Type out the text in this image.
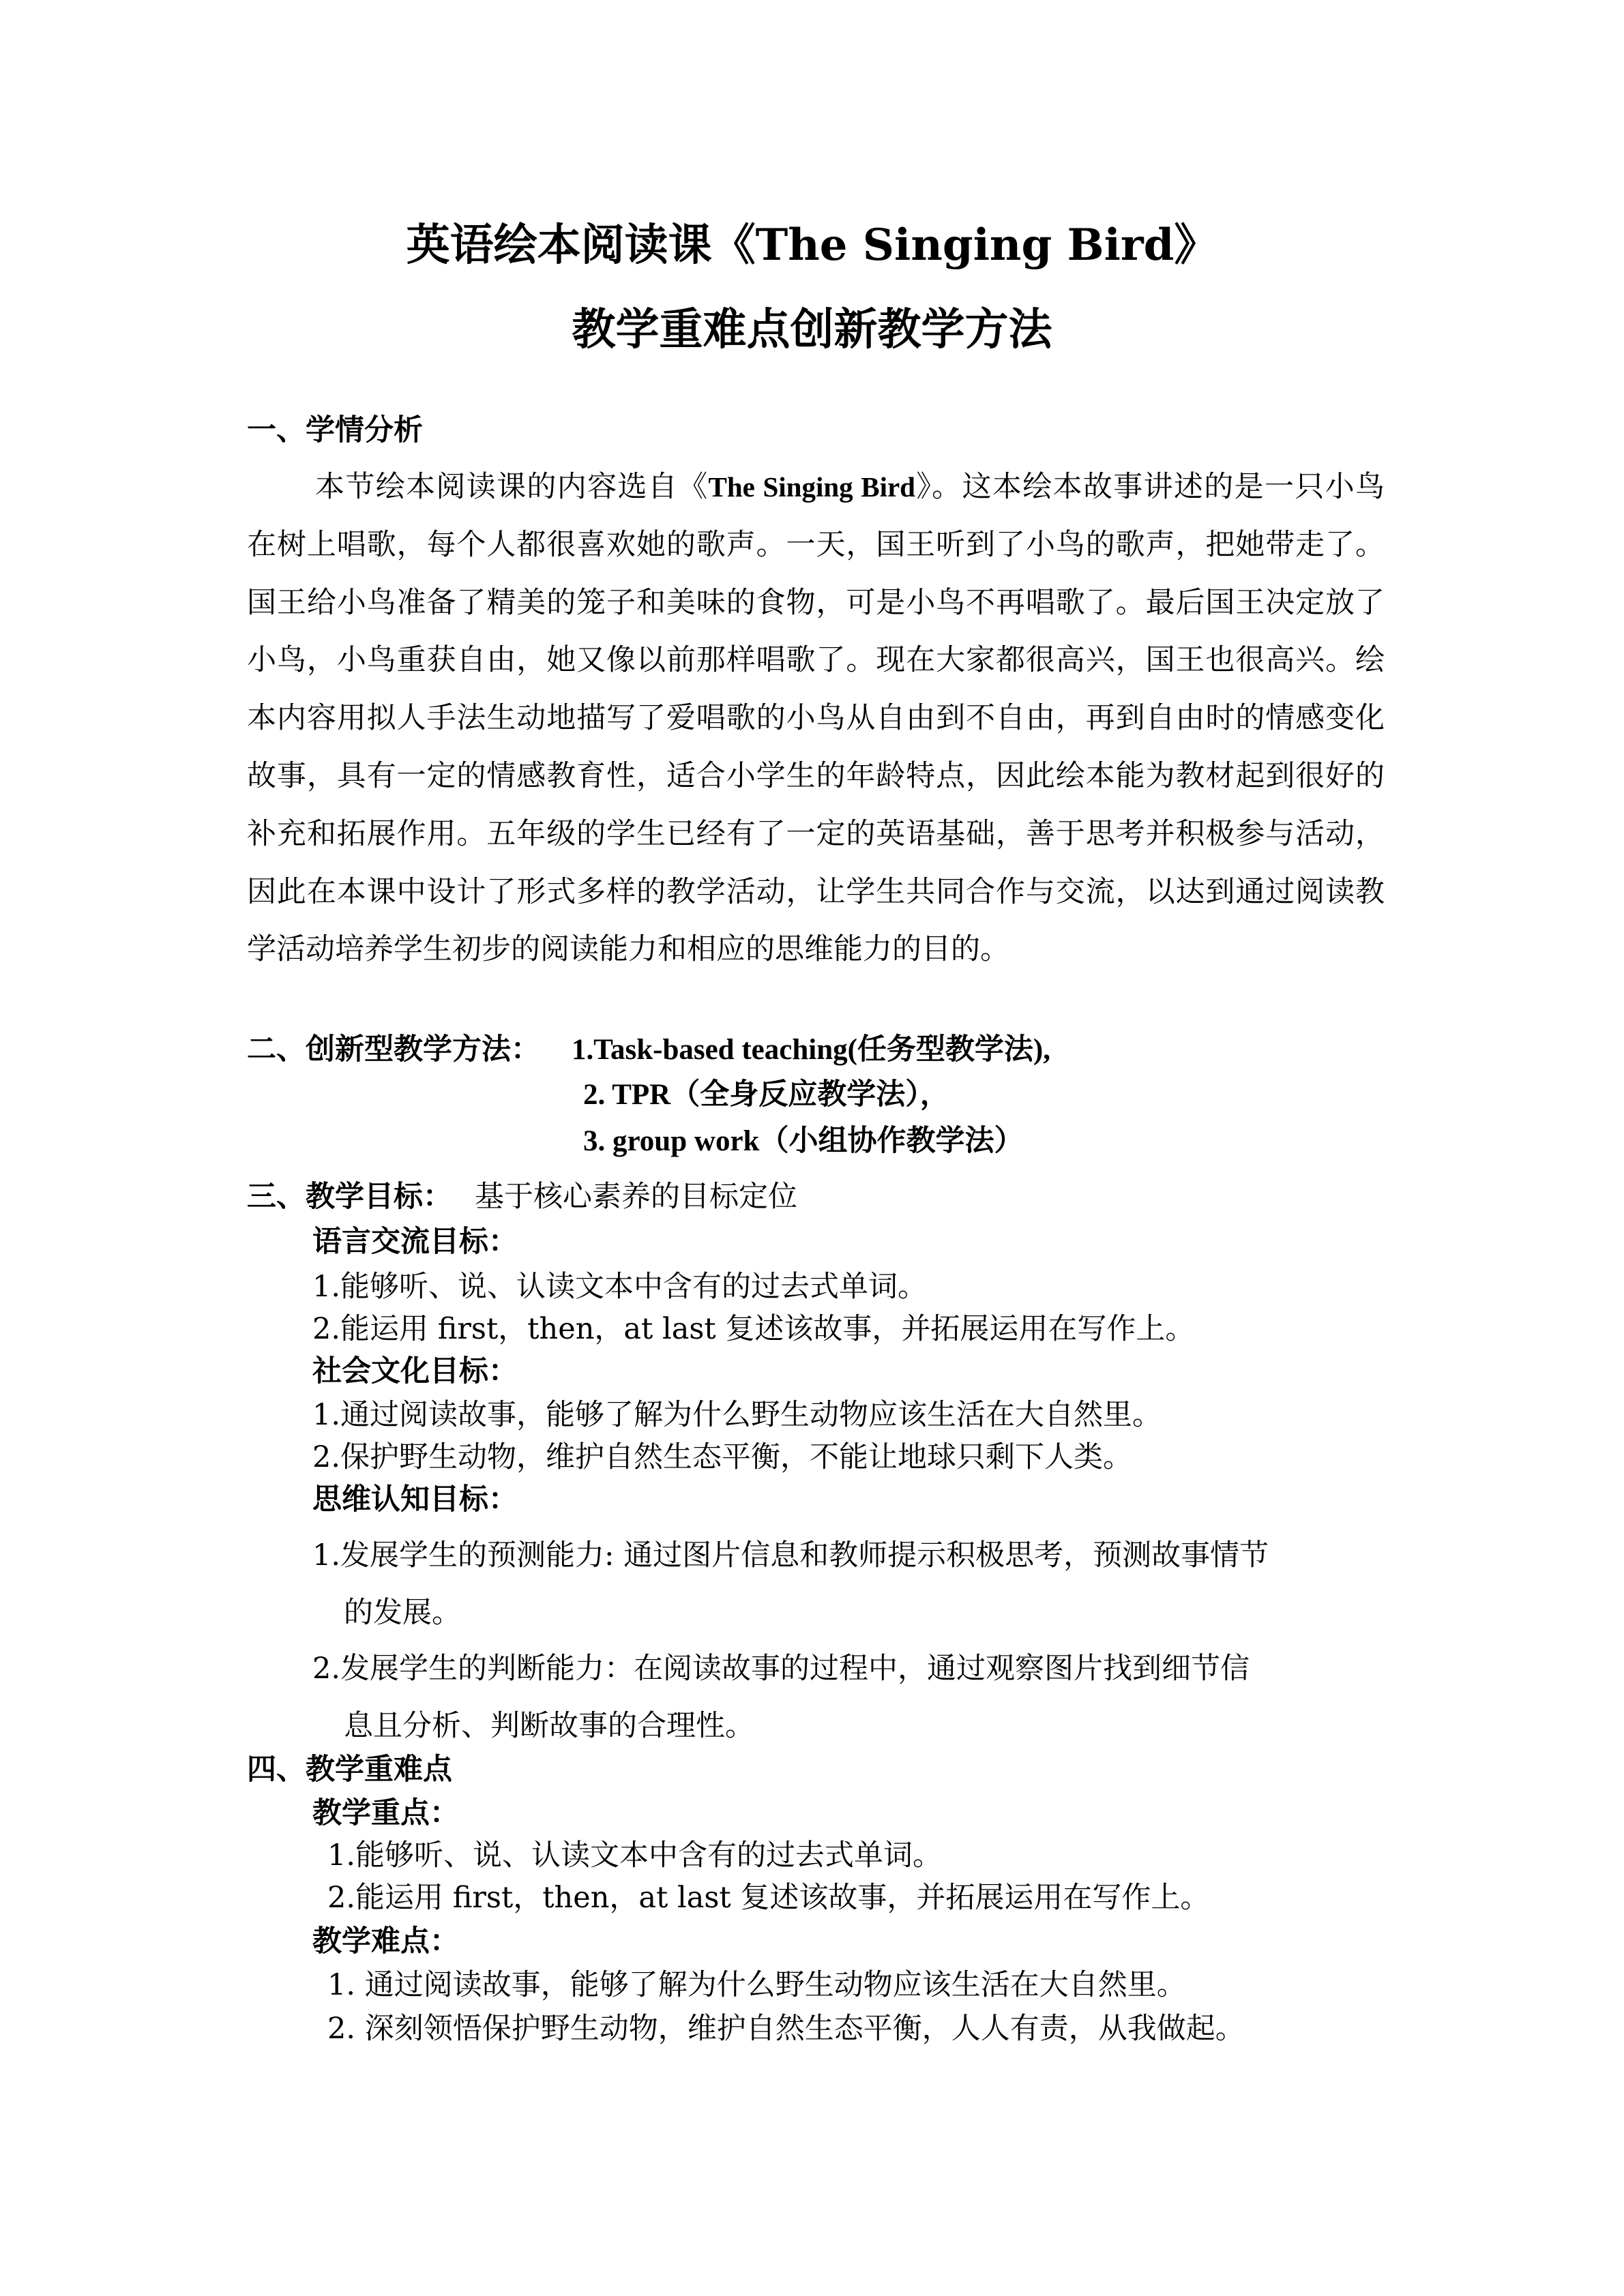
英语绘本阅读课《The Singing Bird》
教学重难点创新教学方法
一、学情分析

本节绘本阅读课的内容选自《The Singing Bird》。这本绘本故事讲述的是一只小鸟在树上唱歌，每个人都很喜欢她的歌声。一天，国王听到了小鸟的歌声，把她带走了。国王给小鸟准备了精美的笼子和美味的食物，可是小鸟不再唱歌了。最后国王决定放了小鸟，小鸟重获自由，她又像以前那样唱歌了。现在大家都很高兴，国王也很高兴。绘本内容用拟人手法生动地描写了爱唱歌的小鸟从自由到不自由，再到自由时的情感变化故事，具有一定的情感教育性，适合小学生的年龄特点，因此绘本能为教材起到很好的补充和拓展作用。五年级的学生已经有了一定的英语基础，善于思考并积极参与活动，因此在本课中设计了形式多样的教学活动，让学生共同合作与交流，以达到通过阅读教学活动培养学生初步的阅读能力和相应的思维能力的目的。

二、创新型教学方法： 1.Task-based teaching(任务型教学法),
2. TPR（全身反应教学法），
3. group work（小组协作教学法）
三、教学目标： 基于核心素养的目标定位
语言交流目标：
1.能够听、说、认读文本中含有的过去式单词。
2.能运用 first，then，at last 复述该故事，并拓展运用在写作上。
社会文化目标：
1.通过阅读故事，能够了解为什么野生动物应该生活在大自然里。
2.保护野生动物，维护自然生态平衡，不能让地球只剩下人类。
思维认知目标：
1.发展学生的预测能力: 通过图片信息和教师提示积极思考，预测故事情节
的发展。
2.发展学生的判断能力：在阅读故事的过程中，通过观察图片找到细节信
息且分析、判断故事的合理性。
四、教学重难点
教学重点：
1.能够听、说、认读文本中含有的过去式单词。
2.能运用 first，then，at last 复述该故事，并拓展运用在写作上。
教学难点：
1. 通过阅读故事，能够了解为什么野生动物应该生活在大自然里。
2. 深刻领悟保护野生动物，维护自然生态平衡，人人有责，从我做起。
